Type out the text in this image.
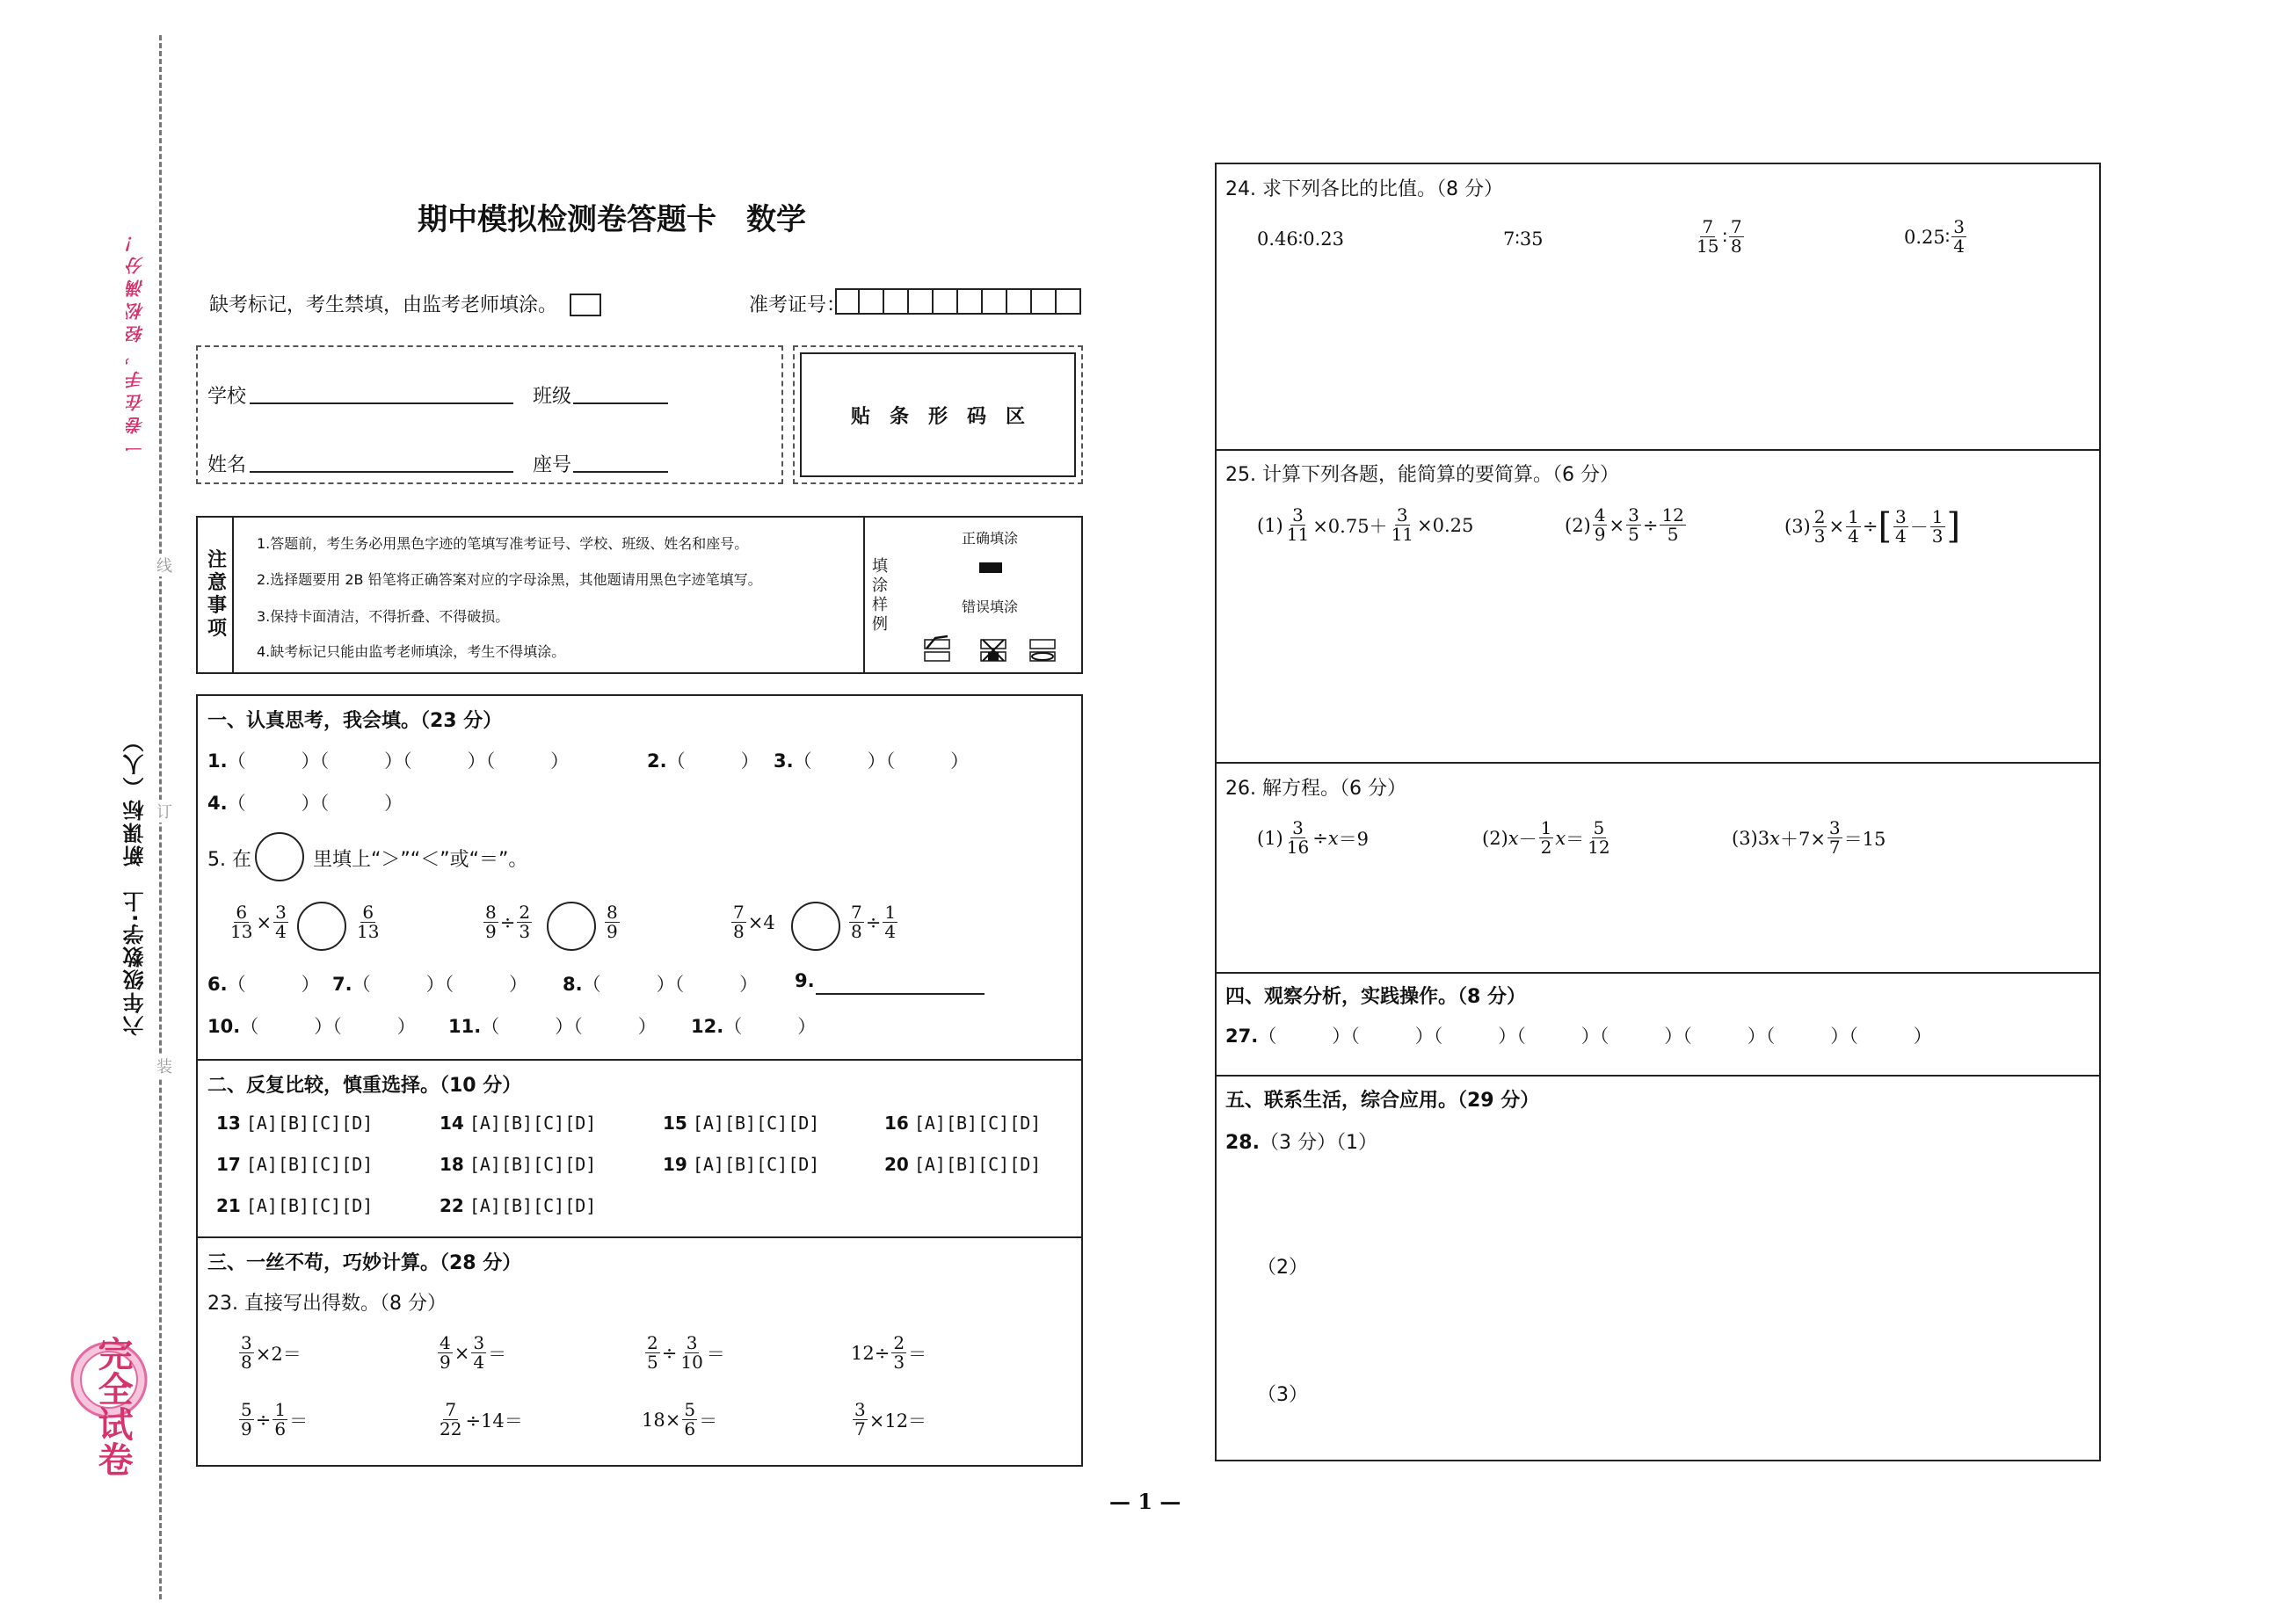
一卷在手，轻松满分！
线
订
装
六年级数学·上　新课标（人）
完全试卷
期中模拟检测卷答题卡　数学
缺考标记，考生禁填，由监考老师填涂。	准考证号：
学校	班级
姓名	座号
贴　条　形　码　区
注意事项
1.答题前，考生务必用黑色字迹的笔填写准考证号、学校、班级、姓名和座号。
2.选择题要用 2B 铅笔将正确答案对应的字母涂黑，其他题请用黑色字迹笔填写。
3.保持卡面清洁，不得折叠、不得破损。
4.缺考标记只能由监考老师填涂，考生不得填涂。
填涂样例
正确填涂
错误填涂
一、认真思考，我会填。（23 分）
1.（　　　）（　　　）（　　　）（　　　）	2.（　　　） 3.（　　　）（　　　）
4.（　　　）（　　　）
5. 在	里填上“＞”“＜”或“＝”。
$\frac{6}{13} \times \frac{3}{4}$	$\frac{6}{13}$	$\frac{8}{9} \div \frac{2}{3}$	$\frac{8}{9}$	$\frac{7}{8} \times 4$	$\frac{7}{8} \div \frac{1}{4}$
6.（　　　） 7.（　　　）（　　　） 8.（　　　）（　　　） 9.
10.（　　　）（　　　） 11.（　　　）（　　　） 12.（　　　）
二、反复比较，慎重选择。（10 分）
13 [A][B][C][D]	14 [A][B][C][D]	15 [A][B][C][D]	16 [A][B][C][D]
17 [A][B][C][D]	18 [A][B][C][D]	19 [A][B][C][D]	20 [A][B][C][D]
21 [A][B][C][D]	22 [A][B][C][D]
三、一丝不苟，巧妙计算。（28 分）
23. 直接写出得数。（8 分）
$\frac{3}{8} \times 2=$	$\frac{4}{9} \times \frac{3}{4}$ ＝	$\frac{2}{5} \div \frac{3}{10}$ ＝	$12\div \frac{2}{3}$ ＝
$\frac{5}{9} \div \frac{1}{6}$ ＝	$\frac{7}{22} \div 14=$	$18\times \frac{5}{6}$ ＝	$\frac{3}{7} \times 12=$
24. 求下列各比的比值。（8 分）
0.46∶0.23	7∶35	$\frac{7}{15}$ ∶ $\frac{7}{8}$	0.25∶ $\frac{3}{4}$
25. 计算下列各题，能简算的要简算。（6 分）
$(1) \frac{3}{11} \times 0.75+ \frac{3}{11} \times 0.25$	$(2) \frac{4}{9} \times \frac{3}{5} \div \frac{12}{5}$	$(3) \frac{2}{3} \times \frac{1}{4}$ ÷ [ $\frac{3}{4} - \frac{1}{3}$ ]
26. 解方程。（6 分）
$(1) \frac{3}{16} \div x =9$	(2) $x - \frac{1}{2}$ $x = \frac{5}{12}$	(3)3 $x +7\times \frac{3}{7} =15$
四、观察分析，实践操作。（8 分）
27.（　　　）（　　　）（　　　）（　　　）（　　　）（　　　）（　　　）（　　　）
五、联系生活，综合应用。（29 分）
28.（3 分）（1）
（2）
（3）
— 1 —
